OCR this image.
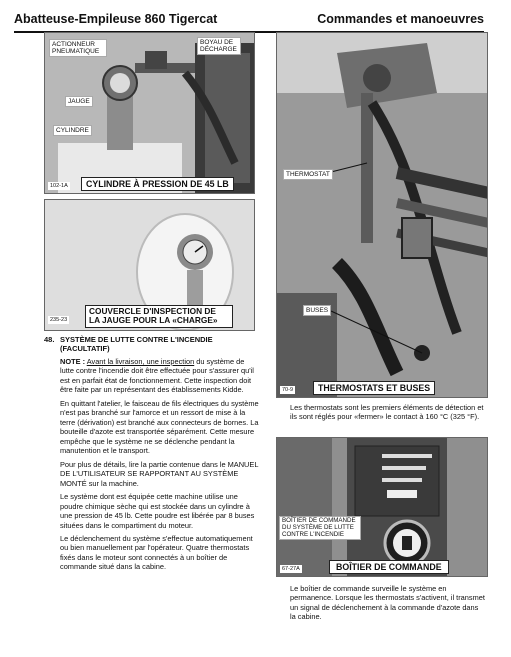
Abatteuse-Empileuse 860 Tigercat	Commandes et manoeuvres
ACTIONNEUR PNEUMATIQUE
BOYAU DE DÉCHARGE
JAUGE
CYLINDRE
102-1A	CYLINDRE À PRESSION DE 45 LB
235-23
COUVERCLE D'INSPECTION DE
LA JAUGE POUR LA «CHARGE»
THERMOSTAT
BUSES
70-9	THERMOSTATS ET BUSES

Les thermostats sont les premiers éléments de détection et ils sont réglés pour «fermer» le contact à 160 °C (325 °F).

BOÎTIER DE COMMANDE
DU SYSTÈME DE LUTTE
CONTRE L'INCENDIE
67-27A	BOÎTIER DE COMMANDE

Le boîtier de commande surveille le système en permanence. Lorsque les thermostats s'activent, il transmet un signal de déclenchement à la commande d'azote dans la cabine.

48. SYSTÈME DE LUTTE CONTRE L'INCENDIE
(FACULTATIF)

NOTE : Avant la livraison, une inspection du système de lutte contre l'incendie doit être effectuée pour s'assurer qu'il est en parfait état de fonctionnement. Cette inspection doit être faite par un représentant des établissements Kidde.

En quittant l'atelier, le faisceau de fils électriques du système n'est pas branché sur l'amorce et un ressort de mise à la terre (dérivation) est branché aux connecteurs de bornes. La bouteille d'azote est transportée séparément. Cette mesure empêche que le système ne se déclenche pendant la manutention et le transport.

Pour plus de détails, lire la partie contenue dans le MANUEL DE L'UTILISATEUR SE RAPPORTANT AU SYSTÈME MONTÉ sur la machine.

Le système dont est équipée cette machine utilise une poudre chimique sèche qui est stockée dans un cylindre à une pression de 45 lb. Cette poudre est libérée par 8 buses situées dans le compartiment du moteur.

Le déclenchement du système s'effectue automatiquement ou bien manuellement par l'opérateur. Quatre thermostats fixés dans le moteur sont connectés à un boîtier de commande situé dans la cabine.
